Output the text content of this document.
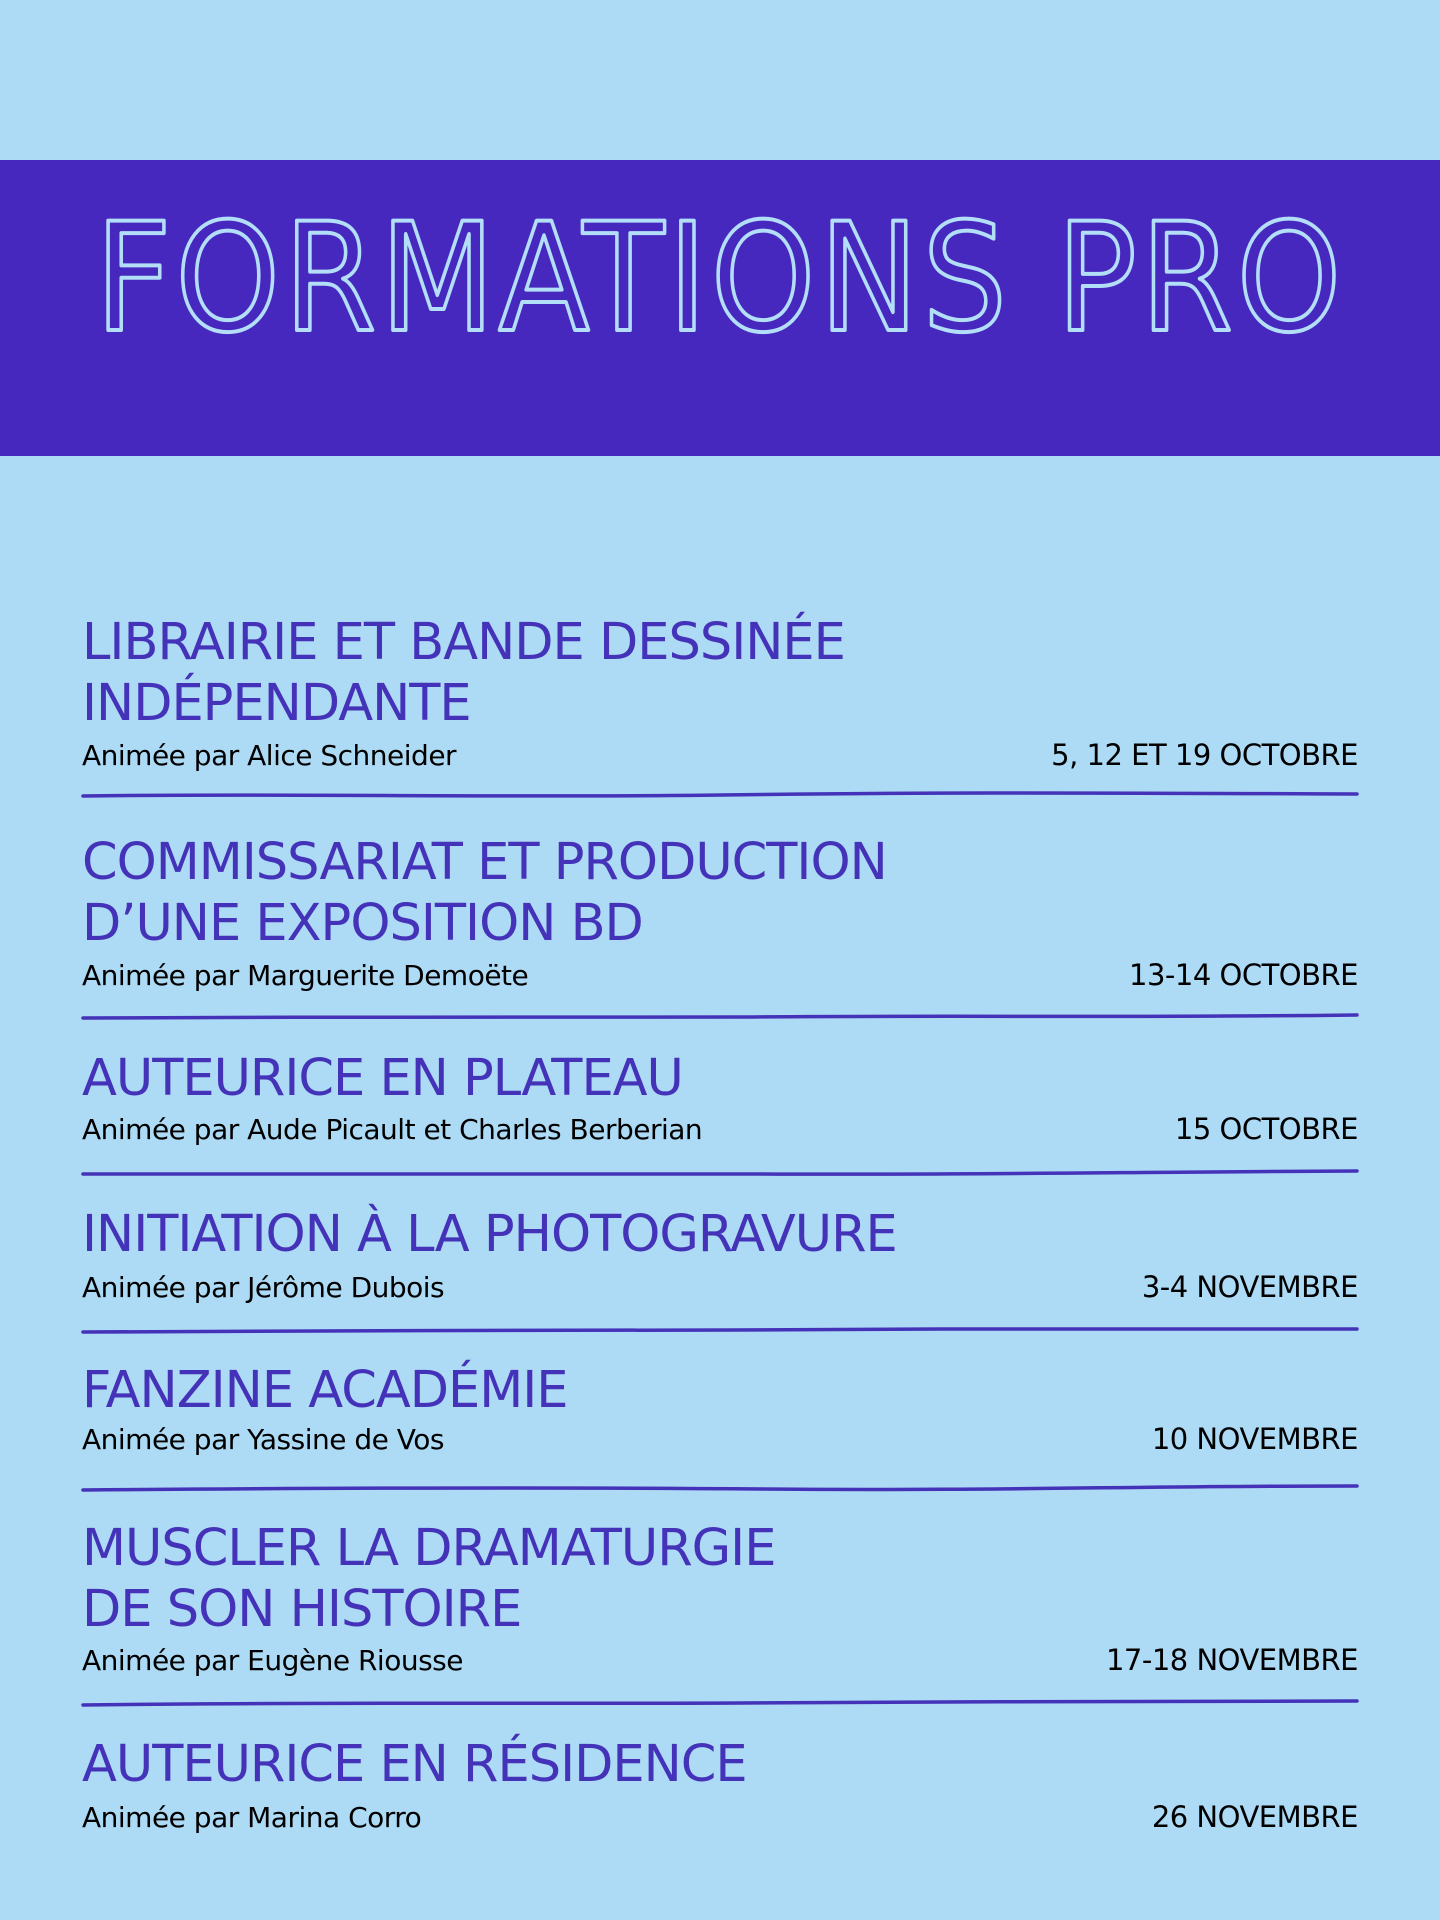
FORMATIONS PRO

AUTOMNE 2026

LIBRAIRIE ET BANDE DESSINÉE
INDÉPENDANTE

Animée par Alice Schneider	5, 12 ET 19 OCTOBRE

COMMISSARIAT ET PRODUCTION
D’UNE EXPOSITION BD

Animée par Marguerite Demoëte	13-14 OCTOBRE

AUTEURICE EN PLATEAU

Animée par Aude Picault et Charles Berberian	15 OCTOBRE

INITIATION À LA PHOTOGRAVURE

Animée par Jérôme Dubois	3-4 NOVEMBRE

FANZINE ACADÉMIE

Animée par Yassine de Vos	10 NOVEMBRE

MUSCLER LA DRAMATURGIE
DE SON HISTOIRE

Animée par Eugène Riousse	17-18 NOVEMBRE

AUTEURICE EN RÉSIDENCE

Animée par Marina Corro	26 NOVEMBRE
